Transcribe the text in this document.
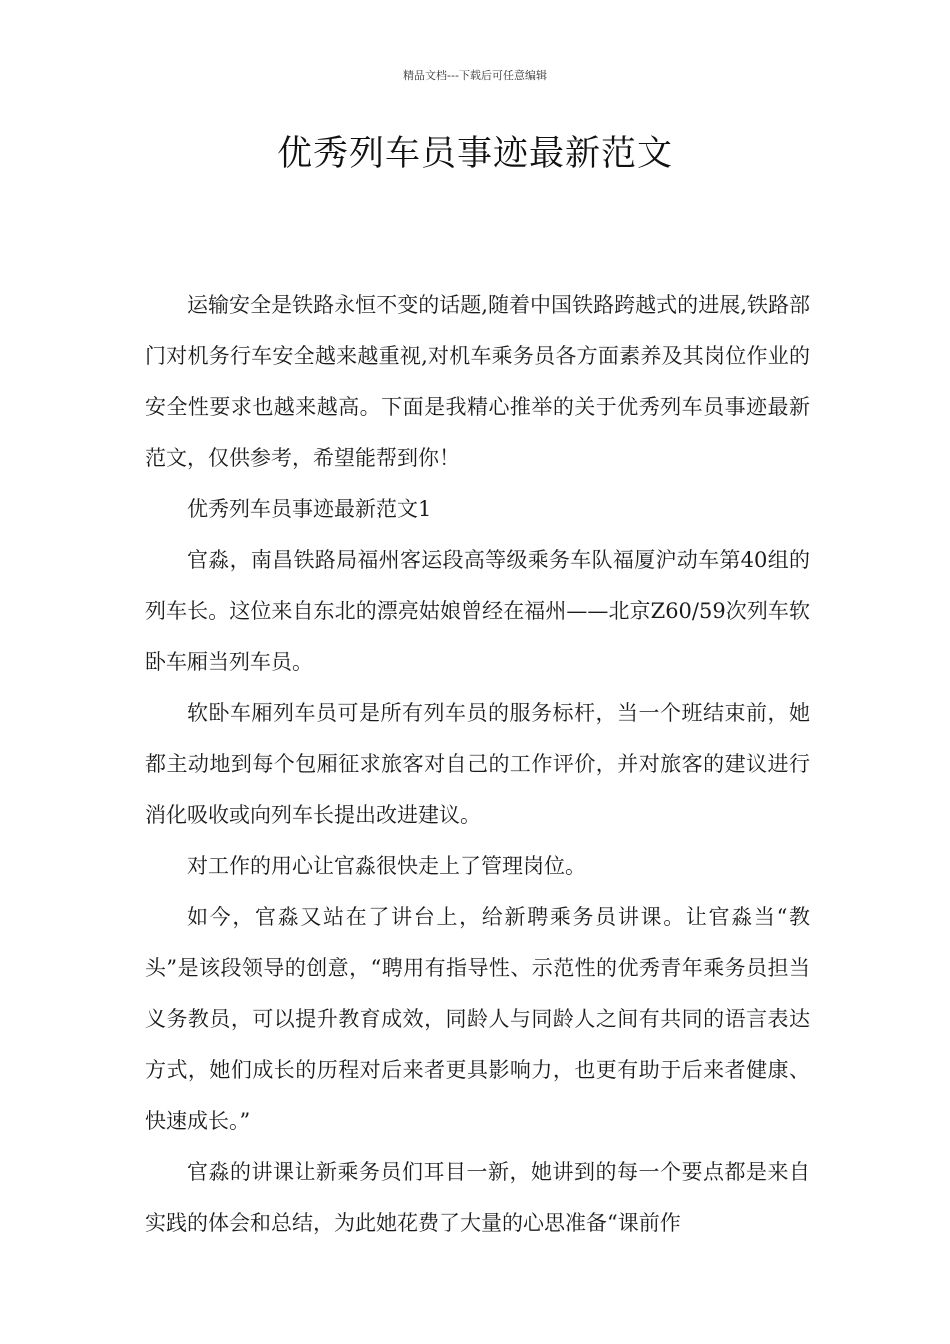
精品文档---下载后可任意编辑
优秀列车员事迹最新范文

运输安全是铁路永恒不变的话题,随着中国铁路跨越式的进展,铁路部门对机务行车安全越来越重视,对机车乘务员各方面素养及其岗位作业的安全性要求也越来越高。下面是我精心推举的关于优秀列车员事迹最新范文，仅供参考，希望能帮到你！

优秀列车员事迹最新范文1

官淼，南昌铁路局福州客运段高等级乘务车队福厦沪动车第40组的列车长。这位来自东北的漂亮姑娘曾经在福州——北京Z60/59次列车软卧车厢当列车员。

软卧车厢列车员可是所有列车员的服务标杆，当一个班结束前，她都主动地到每个包厢征求旅客对自己的工作评价，并对旅客的建议进行消化吸收或向列车长提出改进建议。

对工作的用心让官淼很快走上了管理岗位。

如今，官淼又站在了讲台上，给新聘乘务员讲课。让官淼当“教头”是该段领导的创意，“聘用有指导性、示范性的优秀青年乘务员担当义务教员，可以提升教育成效，同龄人与同龄人之间有共同的语言表达方式，她们成长的历程对后来者更具影响力，也更有助于后来者健康、快速成长。”

官淼的讲课让新乘务员们耳目一新，她讲到的每一个要点都是来自实践的体会和总结，为此她花费了大量的心思准备“课前作
